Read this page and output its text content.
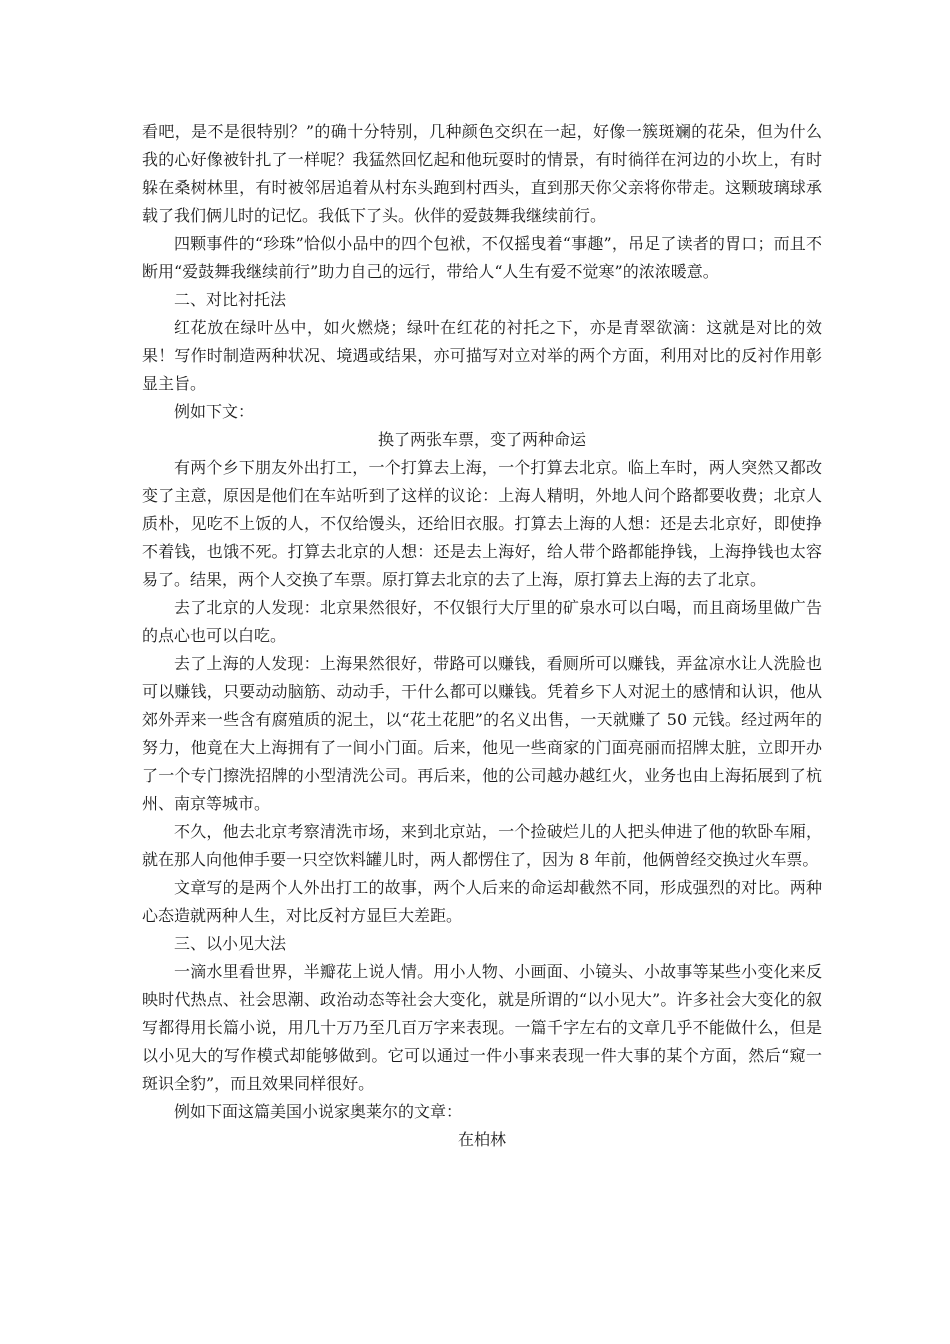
看吧，是不是很特别？”的确十分特别，几种颜色交织在一起，好像一簇斑斓的花朵，但为什么我的心好像被针扎了一样呢？我猛然回忆起和他玩耍时的情景，有时徜徉在河边的小坎上，有时躲在桑树林里，有时被邻居追着从村东头跑到村西头，直到那天你父亲将你带走。这颗玻璃球承载了我们俩儿时的记忆。我低下了头。伙伴的爱鼓舞我继续前行。

四颗事件的“珍珠”恰似小品中的四个包袱，不仅摇曳着“事趣”，吊足了读者的胃口；而且不断用“爱鼓舞我继续前行”助力自己的远行，带给人“人生有爱不觉寒”的浓浓暖意。

二、对比衬托法

红花放在绿叶丛中，如火燃烧；绿叶在红花的衬托之下，亦是青翠欲滴：这就是对比的效果！写作时制造两种状况、境遇或结果，亦可描写对立对举的两个方面，利用对比的反衬作用彰显主旨。

例如下文：

换了两张车票，变了两种命运

有两个乡下朋友外出打工，一个打算去上海，一个打算去北京。临上车时，两人突然又都改变了主意，原因是他们在车站听到了这样的议论：上海人精明，外地人问个路都要收费；北京人质朴，见吃不上饭的人，不仅给馒头，还给旧衣服。打算去上海的人想：还是去北京好，即使挣不着钱，也饿不死。打算去北京的人想：还是去上海好，给人带个路都能挣钱，上海挣钱也太容易了。结果，两个人交换了车票。原打算去北京的去了上海，原打算去上海的去了北京。

去了北京的人发现：北京果然很好，不仅银行大厅里的矿泉水可以白喝，而且商场里做广告的点心也可以白吃。

去了上海的人发现：上海果然很好，带路可以赚钱，看厕所可以赚钱，弄盆凉水让人洗脸也可以赚钱，只要动动脑筋、动动手，干什么都可以赚钱。凭着乡下人对泥土的感情和认识，他从郊外弄来一些含有腐殖质的泥土，以“花土花肥”的名义出售，一天就赚了 50 元钱。经过两年的努力，他竟在大上海拥有了一间小门面。后来，他见一些商家的门面亮丽而招牌太脏，立即开办了一个专门擦洗招牌的小型清洗公司。再后来，他的公司越办越红火，业务也由上海拓展到了杭州、南京等城市。

不久，他去北京考察清洗市场，来到北京站，一个捡破烂儿的人把头伸进了他的软卧车厢，就在那人向他伸手要一只空饮料罐儿时，两人都愣住了，因为 8 年前，他俩曾经交换过火车票。

文章写的是两个人外出打工的故事，两个人后来的命运却截然不同，形成强烈的对比。两种心态造就两种人生，对比反衬方显巨大差距。

三、以小见大法

一滴水里看世界，半瓣花上说人情。用小人物、小画面、小镜头、小故事等某些小变化来反映时代热点、社会思潮、政治动态等社会大变化，就是所谓的“以小见大”。许多社会大变化的叙写都得用长篇小说，用几十万乃至几百万字来表现。一篇千字左右的文章几乎不能做什么，但是以小见大的写作模式却能够做到。它可以通过一件小事来表现一件大事的某个方面，然后“窥一斑识全豹”，而且效果同样很好。

例如下面这篇美国小说家奥莱尔的文章：

在柏林
